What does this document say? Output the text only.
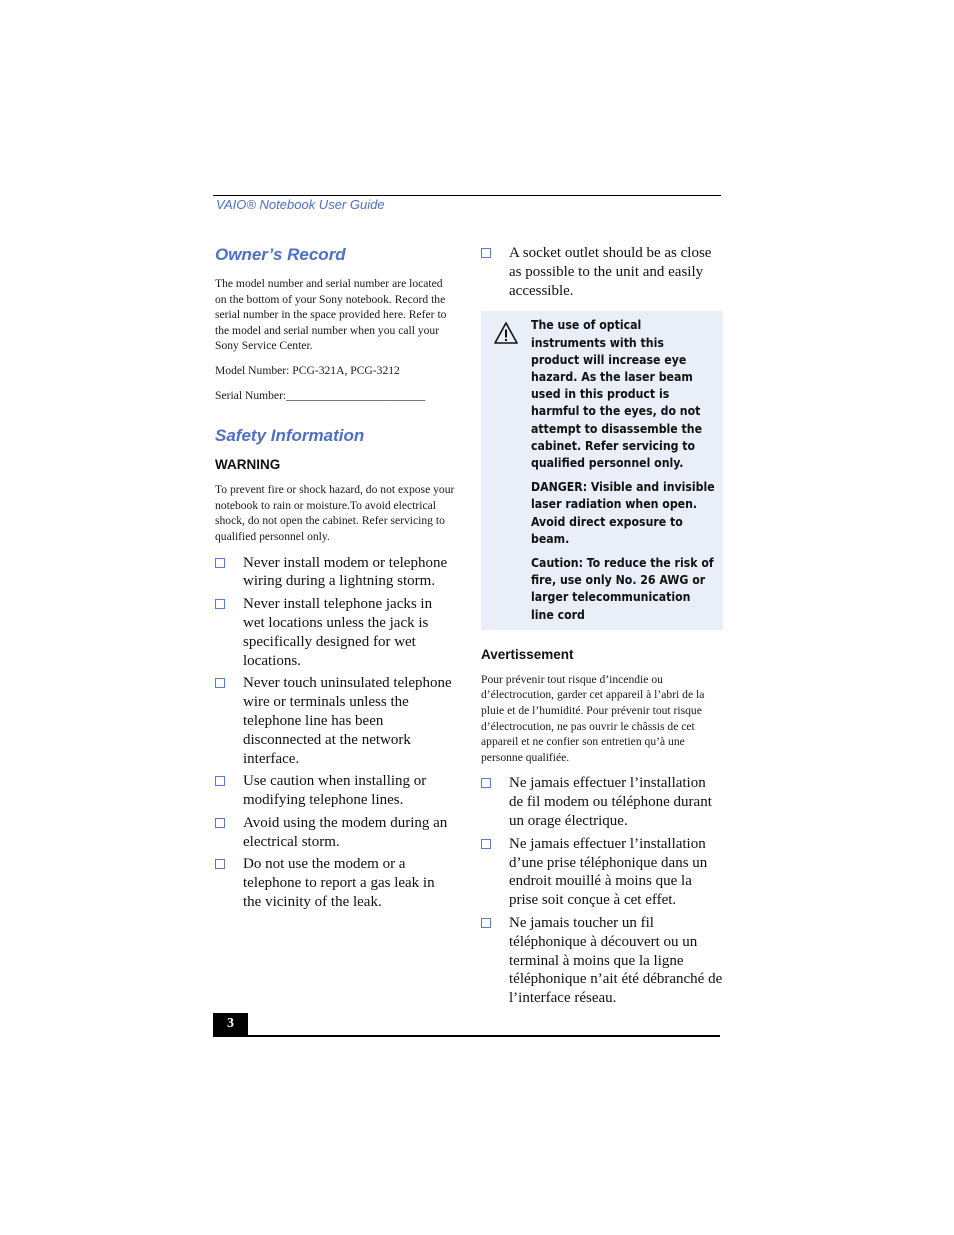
VAIO® Notebook User Guide
Owner’s Record

The model number and serial number are located on the bottom of your Sony notebook. Record the serial number in the space provided here. Refer to the model and serial number when you call your Sony Service Center.

Model Number: PCG-321A, PCG-3212

Serial Number:________________________

Safety Information
WARNING

To prevent fire or shock hazard, do not expose your notebook to rain or moisture.To avoid electrical shock, do not open the cabinet. Refer servicing to qualified personnel only.

Never install modem or telephone wiring during a lightning storm.
Never install telephone jacks in wet locations unless the jack is specifically designed for wet locations.
Never touch uninsulated telephone wire or terminals unless the telephone line has been disconnected at the network interface.
Use caution when installing or modifying telephone lines.
Avoid using the modem during an electrical storm.
Do not use the modem or a telephone to report a gas leak in the vicinity of the leak.
A socket outlet should be as close as possible to the unit and easily accessible.

The use of optical instruments with this product will increase eye hazard. As the laser beam used in this product is harmful to the eyes, do not attempt to disassemble the cabinet. Refer servicing to qualified personnel only.

DANGER: Visible and invisible laser radiation when open. Avoid direct exposure to beam.

Caution: To reduce the risk of fire, use only No. 26 AWG or larger telecommunication line cord

Avertissement

Pour prévenir tout risque d’incendie ou d’électrocution, garder cet appareil à l’abri de la pluie et de l’humidité. Pour prévenir tout risque d’électrocution, ne pas ouvrir le châssis de cet appareil et ne confier son entretien qu’à une personne qualifiée.

Ne jamais effectuer l’installation de fil modem ou téléphone durant un orage électrique.
Ne jamais effectuer l’installation d’une prise téléphonique dans un endroit mouillé à moins que la prise soit conçue à cet effet.
Ne jamais toucher un fil téléphonique à découvert ou un terminal à moins que la ligne téléphonique n’ait été débranché de l’interface réseau.
3
